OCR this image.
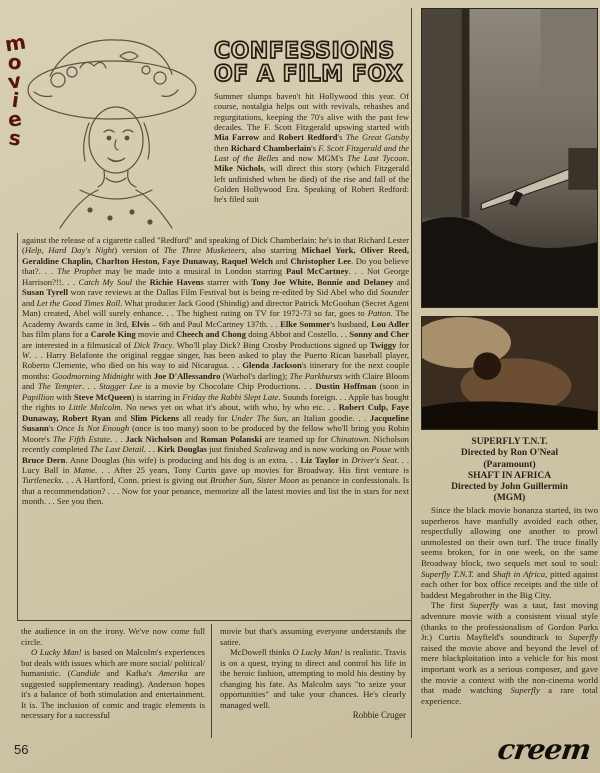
m
o
v
i
e
s
CONFESSIONS
OF A FILM FOX
Summer slumps haven't hit Hollywood this year. Of course, nostalgia helps out with revivals, rehashes and regurgitations, keeping the 70's alive with the past few decades. The F. Scott Fitzgerald upswing started with Mia Farrow and Robert Redford's The Great Gatsby then Richard Chamberlain's F. Scott Fitzgerald and the Last of the Belles and now MGM's The Last Tycoon. Mike Nichols, will direct this story (which Fitzgerald left unfinished when he died) of the rise and fall of the Golden Hollywood Era. Speaking of Robert Redford: he's filed suit
against the release of a cigarette called "Redford" and speaking of Dick Chamberlain: he's in that Richard Lester (Help, Hard Day's Night) version of The Three Musketeers, also starring Michael York, Oliver Reed, Geraldine Chaplin, Charlton Heston, Faye Dunaway, Raquel Welch and Christopher Lee. Do you believe that?. . . The Prophet may be made into a musical in London starring Paul McCartney. . . Not George Harrison?!!. . . Catch My Soul the Richie Havens starrer with Tony Joe White, Bonnie and Delaney and Susan Tyrell won rave reviews at the Dallas Film Festival but is being re-edited by Sid Abel who did Sounder and Let the Good Times Roll. What producer Jack Good (Shindig) and director Patrick McGoohan (Secret Agent Man) created, Abel will surely enhance. . . The highest rating on TV for 1972-73 so far, goes to Patton. The Academy Awards came in 3rd, Elvis – 6th and Paul McCartney 137th. . . Elke Sommer's husband, Lou Adler has film plans for a Carole King movie and Cheech and Chong doing Abbot and Costello. . . Sonny and Cher are interested in a filmusical of Dick Tracy. Who'll play Dick? Bing Crosby Productions signed up Twiggy for W. . . Harry Belafonte the original reggae singer, has been asked to play the Puerto Rican baseball player, Roberto Clemente, who died on his way to aid Nicaragua. . . Glenda Jackson's itinerary for the next couple months: Goodmorning Midnight with Joe D'Allessandro (Warhol's darling); The Parkhursts with Claire Bloom and The Tempter. . . Stagger Lee is a movie by Chocolate Chip Productions. . . Dustin Hoffman (soon in Papillion with Steve McQueen) is starring in Friday the Rabbi Slept Late. Sounds foreign. . . Apple has bought the rights to Little Malcolm. No news yet on what it's about, with who, by who etc. . . Robert Culp, Faye Dunaway, Robert Ryan and Slim Pickens all ready for Under The Sun, an Italian goodie. . . Jacqueline Susann's Once Is Not Enough (once is too many) soon to be produced by the fellow who'll bring you Robin Moore's The Fifth Estate. . . Jack Nicholson and Roman Polanski are teamed up for Chinatown. Nicholson recently completed The Last Detail. . . Kirk Douglas just finished Scalawag and is now working on Posse with Bruce Dern. Anne Douglas (his wife) is producing and his dog is an extra. . . Liz Taylor in Driver's Seat. . . Lucy Ball in Mame. . . After 25 years, Tony Curtis gave up movies for Broadway. His first venture is Turtlenecks. . . A Hartford, Conn. priest is giving out Brother Sun, Sister Moon as penance in confessionals. Is that a recommendation? . . . Now for your penance, memorize all the latest movies and list the in stars for next month. . . See you then.

the audience in on the irony. We've now come full circle.

O Lucky Man! is based on Malcolm's experiences but deals with issues which are more social/ political/ humanistic. (Candide and Kafka's Amerika are suggested supplementary reading). Anderson hopes it's a balance of both stimulation and entertainment. It is. The inclusion of comic and tragic elements is necessary for a successful

movie but that's assuming everyone understands the satire.

McDowell thinks O Lucky Man! is realistic. Travis is on a quest, trying to direct and control his life in the heroic fashion, attempting to mold his destiny by changing his fate. As Malcolm says "to seize your opportunities" and take your chances. He's clearly managed well.

Robbie Cruger

SUPERFLY T.N.T.
Directed by Ron O'Neal
(Paramount)
SHAFT IN AFRICA
Directed by John Guillermin
(MGM)

Since the black movie bonanza started, its two superheros have manfully avoided each other, respectfully allowing one another to prowl unmolested on their own turf. The truce finally seems broken, for in one week, on the same Broadway block, two sequels met soul to soul: Superfly T.N.T. and Shaft in Africa, pitted against each other for box office receipts and the title of baddest Megabrother in the Big City.

The first Superfly was a taut, fast moving adventure movie with a consistent visual style (thanks to the professionalism of Gordon Parks Jr.) Curtis Mayfield's soundtrack to Superfly raised the movie above and beyond the level of mere blackploitation into a vehicle for his most important work as a serious composer, and gave the movie a context with the non-cinema world that made watching Superfly a rare total experience.

56	creem
